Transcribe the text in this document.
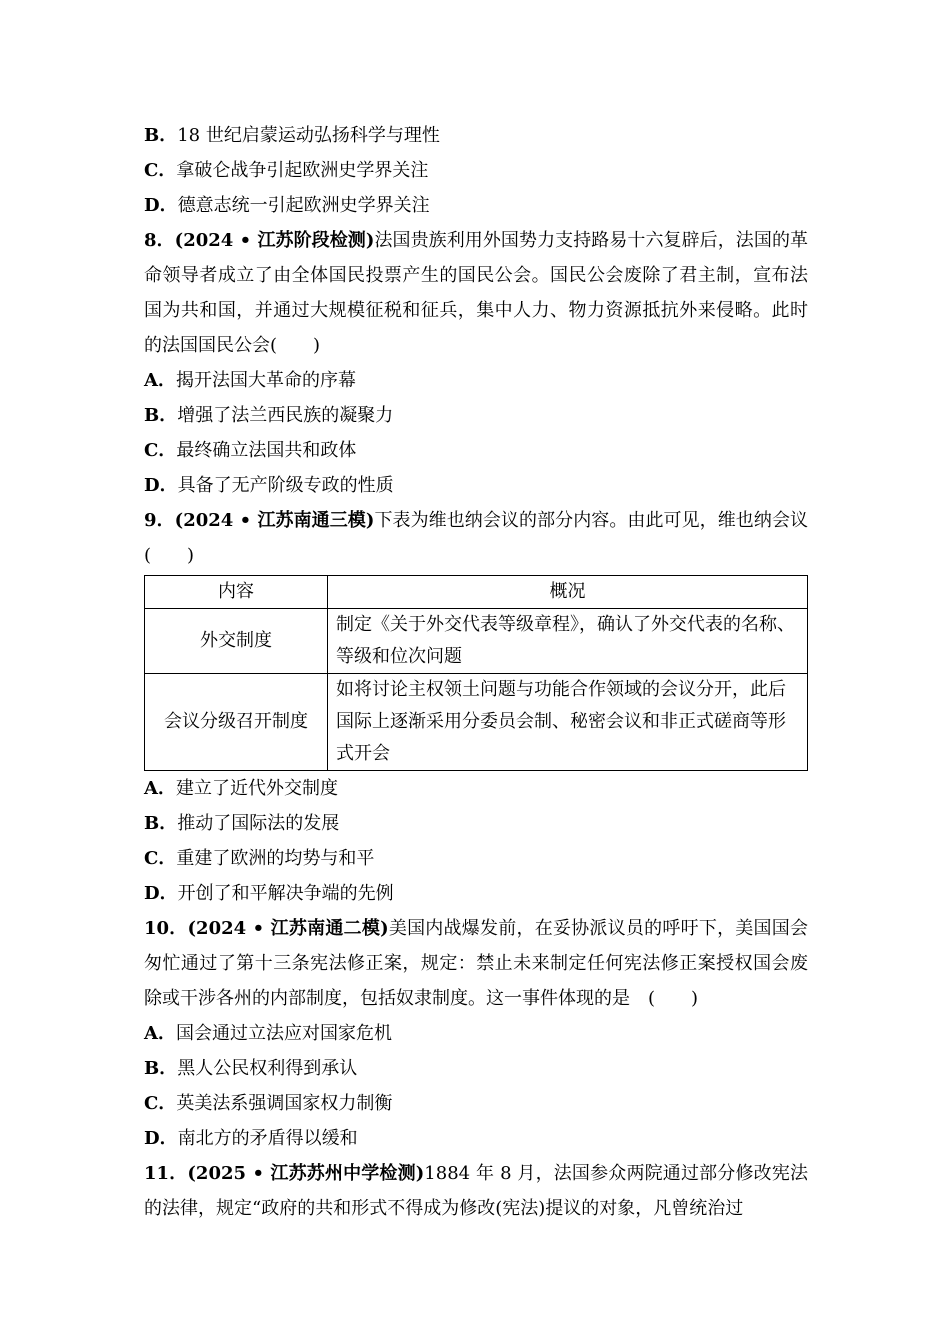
B．18 世纪启蒙运动弘扬科学与理性
C．拿破仑战争引起欧洲史学界关注
D．德意志统一引起欧洲史学界关注
8．(2024 • 江苏阶段检测)法国贵族利用外国势力支持路易十六复辟后，法国的革命领导者成立了由全体国民投票产生的国民公会。国民公会废除了君主制，宣布法国为共和国，并通过大规模征税和征兵，集中人力、物力资源抵抗外来侵略。此时的法国国民公会(　　)
A．揭开法国大革命的序幕
B．增强了法兰西民族的凝聚力
C．最终确立法国共和政体
D．具备了无产阶级专政的性质
9．(2024 • 江苏南通三模)下表为维也纳会议的部分内容。由此可见，维也纳会议(　　)
内容	概况
外交制度	制定《关于外交代表等级章程》，确认了外交代表的名称、等级和位次问题
会议分级召开制度	如将讨论主权领土问题与功能合作领域的会议分开，此后国际上逐渐采用分委员会制、秘密会议和非正式磋商等形式开会
A．建立了近代外交制度
B．推动了国际法的发展
C．重建了欧洲的均势与和平
D．开创了和平解决争端的先例
10．(2024 • 江苏南通二模)美国内战爆发前，在妥协派议员的呼吁下，美国国会匆忙通过了第十三条宪法修正案，规定：禁止未来制定任何宪法修正案授权国会废除或干涉各州的内部制度，包括奴隶制度。这一事件体现的是　(　　)
A．国会通过立法应对国家危机
B．黑人公民权利得到承认
C．英美法系强调国家权力制衡
D．南北方的矛盾得以缓和
11．(2025 • 江苏苏州中学检测)1884 年 8 月，法国参众两院通过部分修改宪法的法律，规定“政府的共和形式不得成为修改(宪法)提议的对象，凡曾统治过
